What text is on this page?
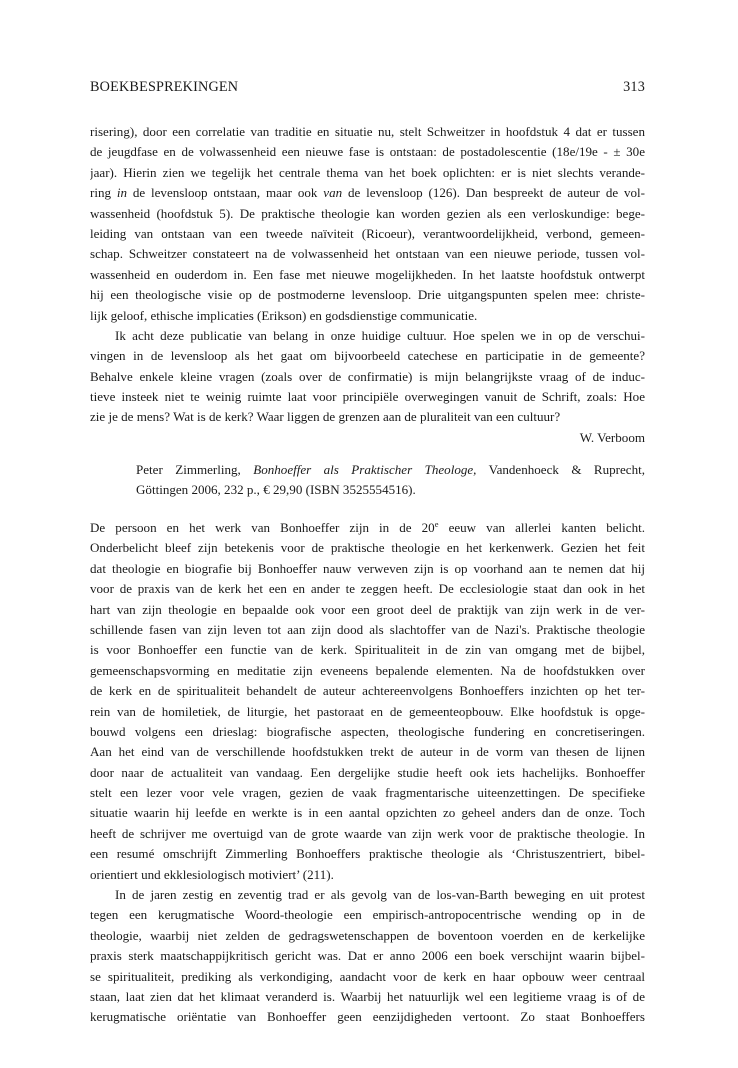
BOEKBESPREKINGEN	313
risering), door een correlatie van traditie en situatie nu, stelt Schweitzer in hoofdstuk 4 dat er tussen
de jeugdfase en de volwassenheid een nieuwe fase is ontstaan: de postadolescentie (18e/19e - ± 30e
jaar). Hierin zien we tegelijk het centrale thema van het boek oplichten: er is niet slechts verande-
ring in de levensloop ontstaan, maar ook van de levensloop (126). Dan bespreekt de auteur de vol-
wassenheid (hoofdstuk 5). De praktische theologie kan worden gezien als een verloskundige: bege-
leiding van ontstaan van een tweede naïviteit (Ricoeur), verantwoordelijkheid, verbond, gemeen-
schap. Schweitzer constateert na de volwassenheid het ontstaan van een nieuwe periode, tussen vol-
wassenheid en ouderdom in. Een fase met nieuwe mogelijkheden. In het laatste hoofdstuk ontwerpt
hij een theologische visie op de postmoderne levensloop. Drie uitgangspunten spelen mee: christe-
lijk geloof, ethische implicaties (Erikson) en godsdienstige communicatie.
Ik acht deze publicatie van belang in onze huidige cultuur. Hoe spelen we in op de verschui-
vingen in de levensloop als het gaat om bijvoorbeeld catechese en participatie in de gemeente?
Behalve enkele kleine vragen (zoals over de confirmatie) is mijn belangrijkste vraag of de induc-
tieve insteek niet te weinig ruimte laat voor principiële overwegingen vanuit de Schrift, zoals: Hoe
zie je de mens? Wat is de kerk? Waar liggen de grenzen aan de pluraliteit van een cultuur?
W. Verboom
Peter Zimmerling, Bonhoeffer als Praktischer Theologe, Vandenhoeck & Ruprecht,
Göttingen 2006, 232 p., € 29,90 (ISBN 3525554516).
De persoon en het werk van Bonhoeffer zijn in de 20e eeuw van allerlei kanten belicht.
Onderbelicht bleef zijn betekenis voor de praktische theologie en het kerkenwerk. Gezien het feit
dat theologie en biografie bij Bonhoeffer nauw verweven zijn is op voorhand aan te nemen dat hij
voor de praxis van de kerk het een en ander te zeggen heeft. De ecclesiologie staat dan ook in het
hart van zijn theologie en bepaalde ook voor een groot deel de praktijk van zijn werk in de ver-
schillende fasen van zijn leven tot aan zijn dood als slachtoffer van de Nazi's. Praktische theologie
is voor Bonhoeffer een functie van de kerk. Spiritualiteit in de zin van omgang met de bijbel,
gemeenschapsvorming en meditatie zijn eveneens bepalende elementen. Na de hoofdstukken over
de kerk en de spiritualiteit behandelt de auteur achtereenvolgens Bonhoeffers inzichten op het ter-
rein van de homiletiek, de liturgie, het pastoraat en de gemeenteopbouw. Elke hoofdstuk is opge-
bouwd volgens een drieslag: biografische aspecten, theologische fundering en concretiseringen.
Aan het eind van de verschillende hoofdstukken trekt de auteur in de vorm van thesen de lijnen
door naar de actualiteit van vandaag. Een dergelijke studie heeft ook iets hachelijks. Bonhoeffer
stelt een lezer voor vele vragen, gezien de vaak fragmentarische uiteenzettingen. De specifieke
situatie waarin hij leefde en werkte is in een aantal opzichten zo geheel anders dan de onze. Toch
heeft de schrijver me overtuigd van de grote waarde van zijn werk voor de praktische theologie. In
een resumé omschrijft Zimmerling Bonhoeffers praktische theologie als ‘Christuszentriert, bibel-
orientiert und ekklesiologisch motiviert’ (211).
In de jaren zestig en zeventig trad er als gevolg van de los-van-Barth beweging en uit protest
tegen een kerugmatische Woord-theologie een empirisch-antropocentrische wending op in de
theologie, waarbij niet zelden de gedragswetenschappen de boventoon voerden en de kerkelijke
praxis sterk maatschappijkritisch gericht was. Dat er anno 2006 een boek verschijnt waarin bijbel-
se spiritualiteit, prediking als verkondiging, aandacht voor de kerk en haar opbouw weer centraal
staan, laat zien dat het klimaat veranderd is. Waarbij het natuurlijk wel een legitieme vraag is of de
kerugmatische oriëntatie van Bonhoeffer geen eenzijdigheden vertoont. Zo staat Bonhoeffers
